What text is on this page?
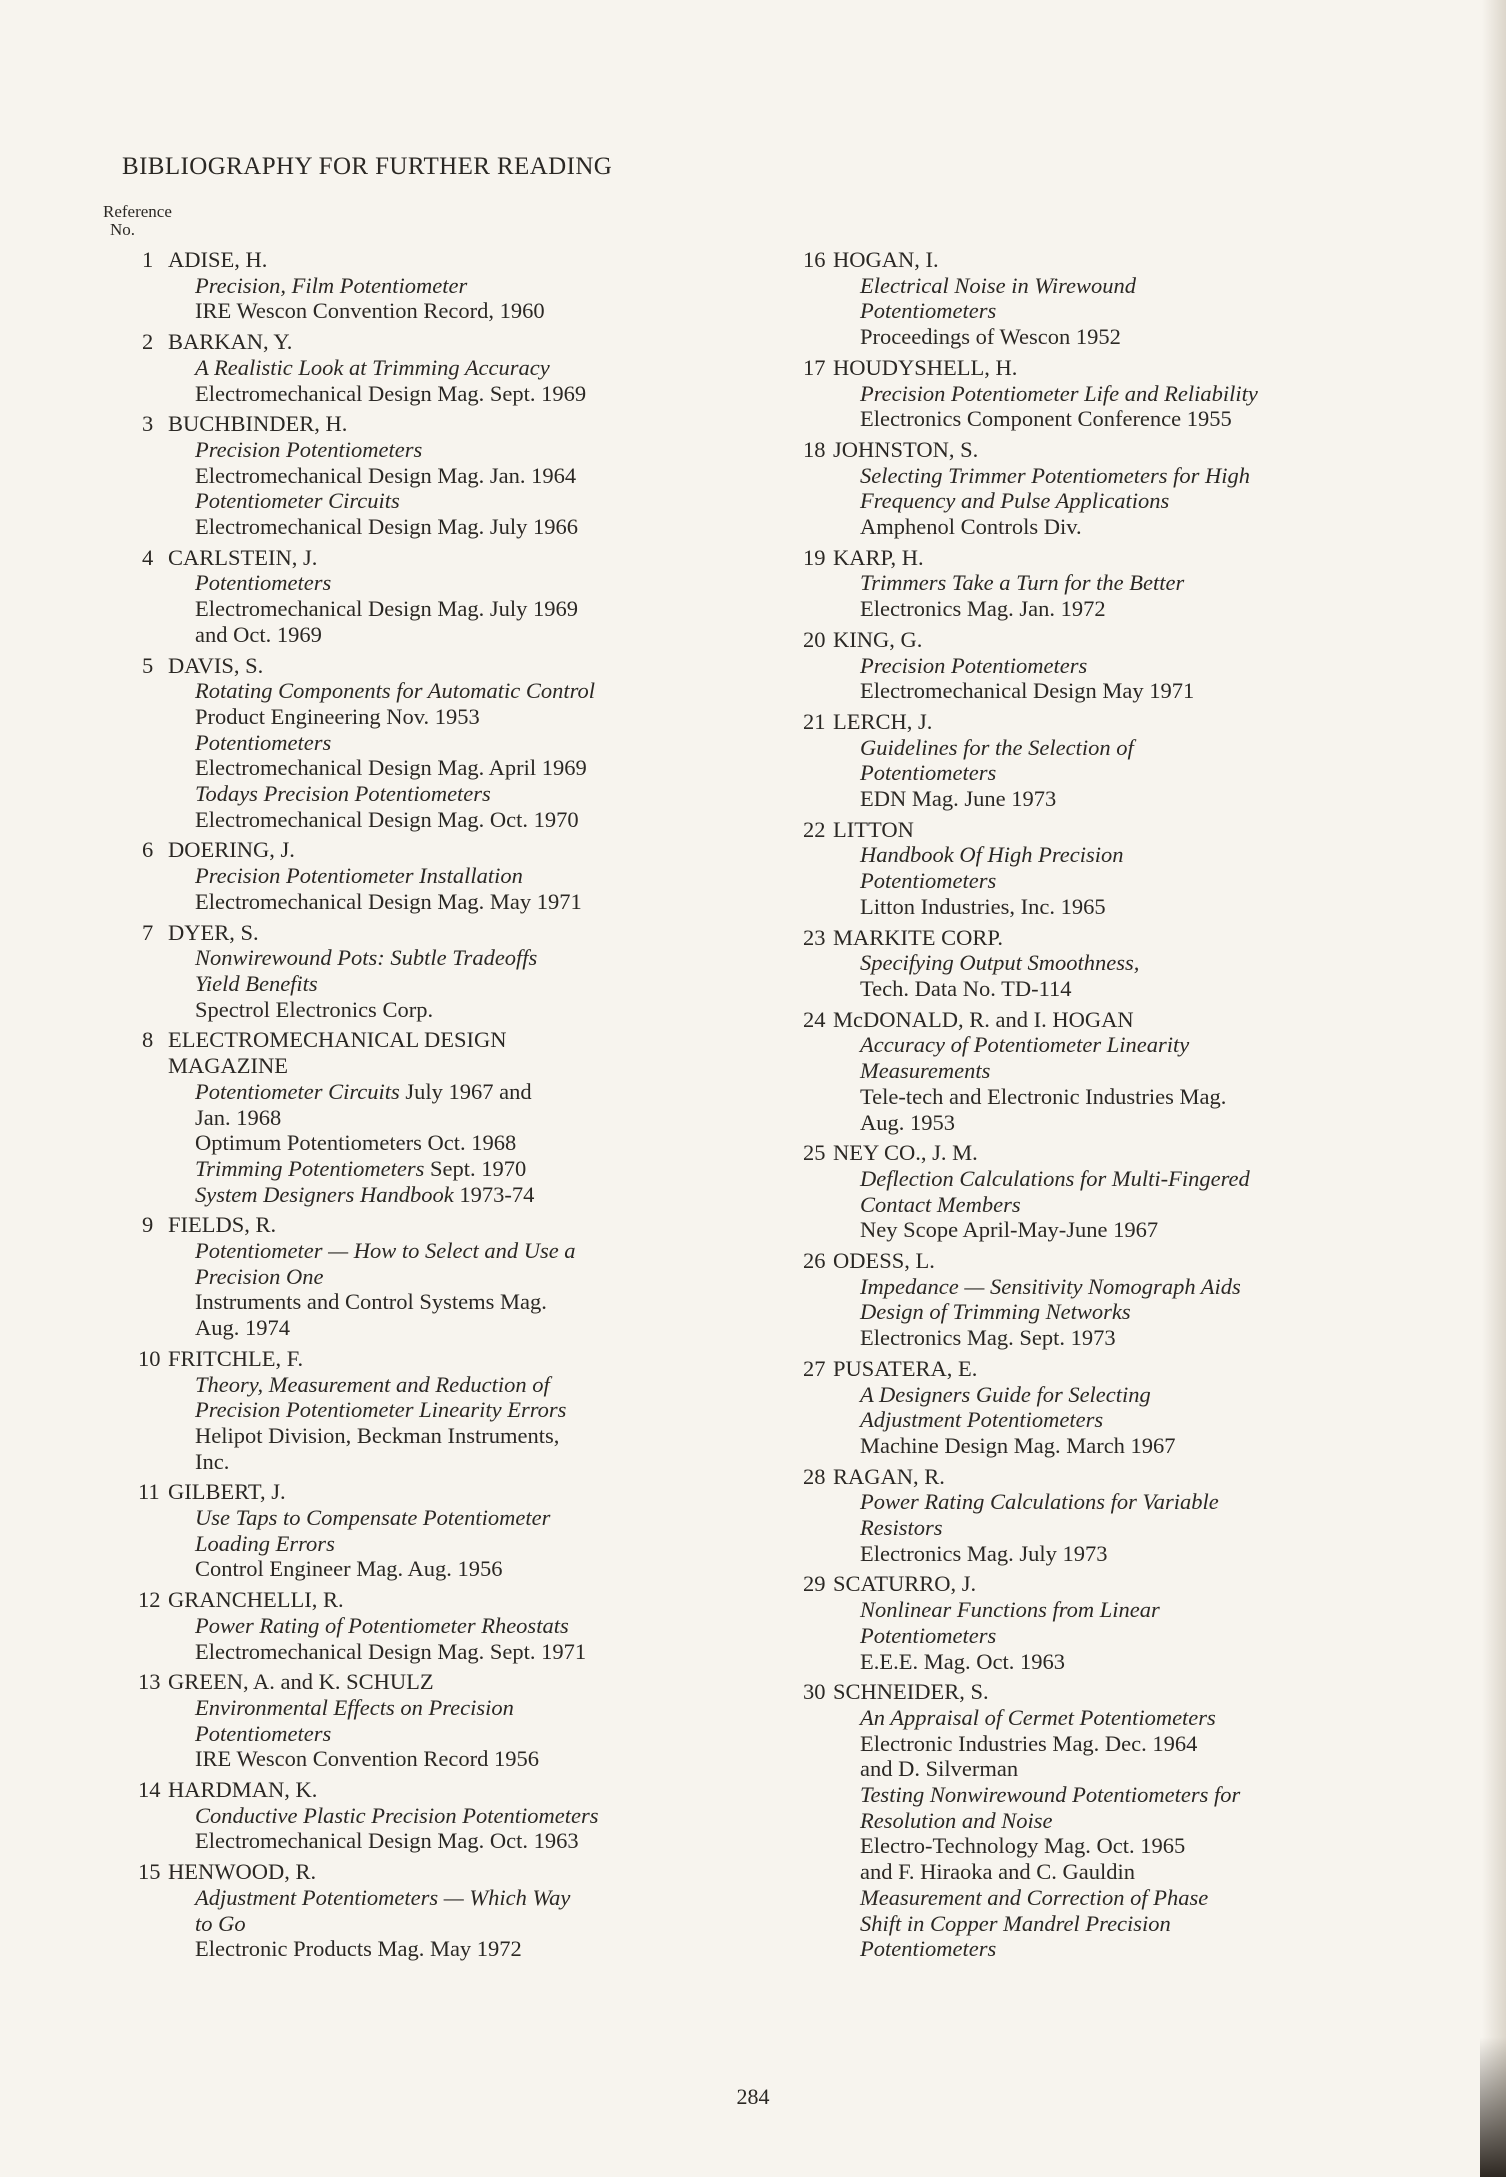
BIBLIOGRAPHY FOR FURTHER READING
Reference
No.
1 ADISE, H.
Precision, Film Potentiometer
IRE Wescon Convention Record, 1960
2 BARKAN, Y.
A Realistic Look at Trimming Accuracy
Electromechanical Design Mag. Sept. 1969
3 BUCHBINDER, H.
Precision Potentiometers
Electromechanical Design Mag. Jan. 1964
Potentiometer Circuits
Electromechanical Design Mag. July 1966
4 CARLSTEIN, J.
Potentiometers
Electromechanical Design Mag. July 1969
and Oct. 1969
5 DAVIS, S.
Rotating Components for Automatic Control
Product Engineering Nov. 1953
Potentiometers
Electromechanical Design Mag. April 1969
Todays Precision Potentiometers
Electromechanical Design Mag. Oct. 1970
6 DOERING, J.
Precision Potentiometer Installation
Electromechanical Design Mag. May 1971
7 DYER, S.
Nonwirewound Pots: Subtle Tradeoffs
Yield Benefits
Spectrol Electronics Corp.
8 ELECTROMECHANICAL DESIGN
MAGAZINE
Potentiometer Circuits July 1967 and
Jan. 1968
Optimum Potentiometers Oct. 1968
Trimming Potentiometers Sept. 1970
System Designers Handbook 1973-74
9 FIELDS, R.
Potentiometer — How to Select and Use a
Precision One
Instruments and Control Systems Mag.
Aug. 1974
10 FRITCHLE, F.
Theory, Measurement and Reduction of
Precision Potentiometer Linearity Errors
Helipot Division, Beckman Instruments,
Inc.
11 GILBERT, J.
Use Taps to Compensate Potentiometer
Loading Errors
Control Engineer Mag. Aug. 1956
12 GRANCHELLI, R.
Power Rating of Potentiometer Rheostats
Electromechanical Design Mag. Sept. 1971
13 GREEN, A. and K. SCHULZ
Environmental Effects on Precision
Potentiometers
IRE Wescon Convention Record 1956
14 HARDMAN, K.
Conductive Plastic Precision Potentiometers
Electromechanical Design Mag. Oct. 1963
15 HENWOOD, R.
Adjustment Potentiometers — Which Way
to Go
Electronic Products Mag. May 1972
16 HOGAN, I.
Electrical Noise in Wirewound
Potentiometers
Proceedings of Wescon 1952
17 HOUDYSHELL, H.
Precision Potentiometer Life and Reliability
Electronics Component Conference 1955
18 JOHNSTON, S.
Selecting Trimmer Potentiometers for High
Frequency and Pulse Applications
Amphenol Controls Div.
19 KARP, H.
Trimmers Take a Turn for the Better
Electronics Mag. Jan. 1972
20 KING, G.
Precision Potentiometers
Electromechanical Design May 1971
21 LERCH, J.
Guidelines for the Selection of
Potentiometers
EDN Mag. June 1973
22 LITTON
Handbook Of High Precision
Potentiometers
Litton Industries, Inc. 1965
23 MARKITE CORP.
Specifying Output Smoothness,
Tech. Data No. TD-114
24 McDONALD, R. and I. HOGAN
Accuracy of Potentiometer Linearity
Measurements
Tele-tech and Electronic Industries Mag.
Aug. 1953
25 NEY CO., J. M.
Deflection Calculations for Multi-Fingered
Contact Members
Ney Scope April-May-June 1967
26 ODESS, L.
Impedance — Sensitivity Nomograph Aids
Design of Trimming Networks
Electronics Mag. Sept. 1973
27 PUSATERA, E.
A Designers Guide for Selecting
Adjustment Potentiometers
Machine Design Mag. March 1967
28 RAGAN, R.
Power Rating Calculations for Variable
Resistors
Electronics Mag. July 1973
29 SCATURRO, J.
Nonlinear Functions from Linear
Potentiometers
E.E.E. Mag. Oct. 1963
30 SCHNEIDER, S.
An Appraisal of Cermet Potentiometers
Electronic Industries Mag. Dec. 1964
and D. Silverman
Testing Nonwirewound Potentiometers for
Resolution and Noise
Electro-Technology Mag. Oct. 1965
and F. Hiraoka and C. Gauldin
Measurement and Correction of Phase
Shift in Copper Mandrel Precision
Potentiometers
284
